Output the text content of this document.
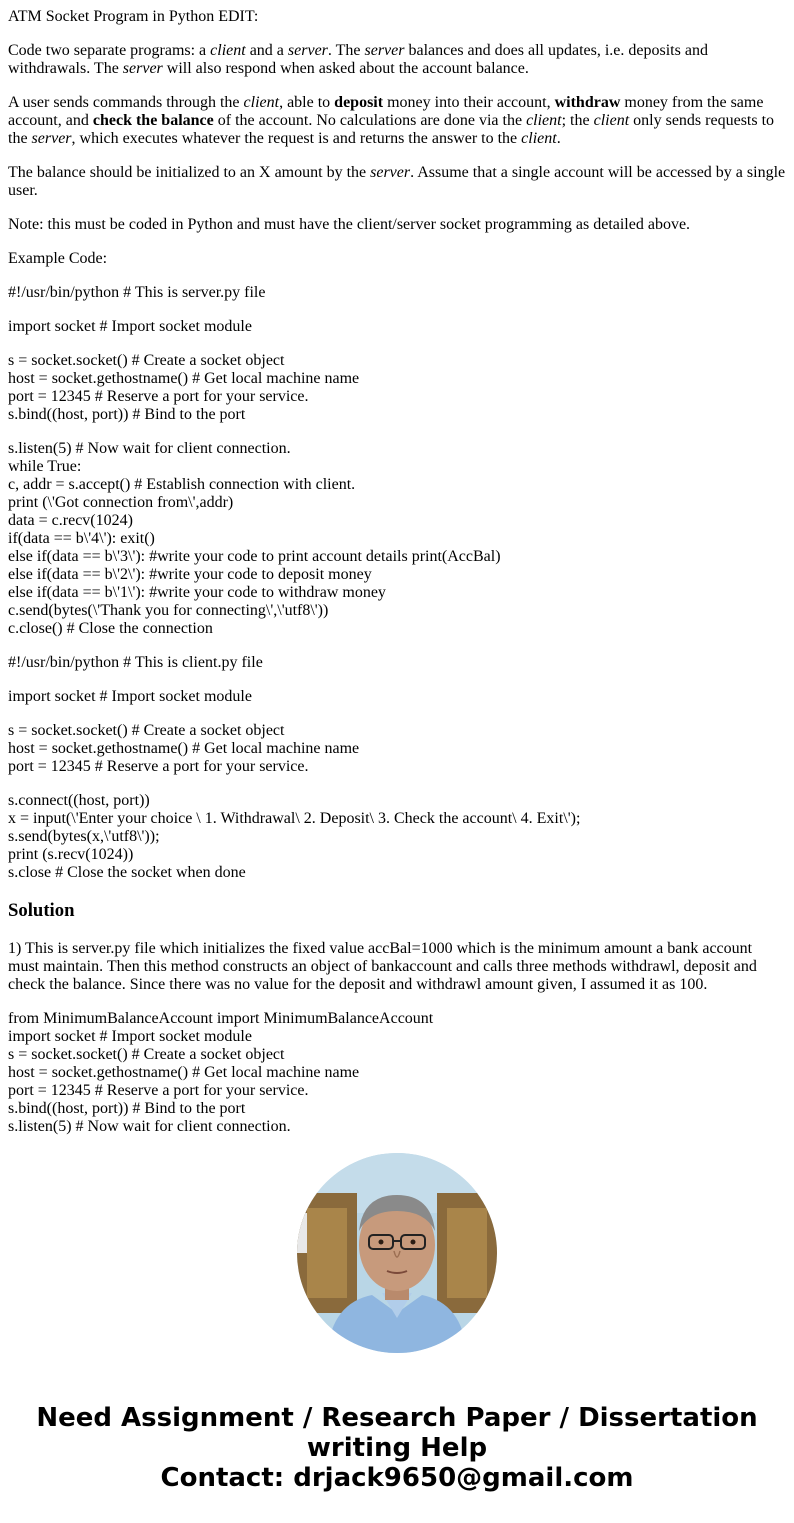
ATM Socket Program in Python EDIT:

Code two separate programs: a client and a server. The server balances and does all updates, i.e. deposits and withdrawals. The server will also respond when asked about the account balance.

A user sends commands through the client, able to deposit money into their account, withdraw money from the same account, and check the balance of the account. No calculations are done via the client; the client only sends requests to the server, which executes whatever the request is and returns the answer to the client.

The balance should be initialized to an X amount by the server. Assume that a single account will be accessed by a single user.

Note: this must be coded in Python and must have the client/server socket programming as detailed above.

Example Code:

#!/usr/bin/python # This is server.py file

import socket # Import socket module

s = socket.socket() # Create a socket object
host = socket.gethostname() # Get local machine name
port = 12345 # Reserve a port for your service.
s.bind((host, port)) # Bind to the port

s.listen(5) # Now wait for client connection.
while True:
c, addr = s.accept() # Establish connection with client.
print (\'Got connection from\',addr)
data = c.recv(1024)
if(data == b\'4\'): exit()
else if(data == b\'3\'): #write your code to print account details print(AccBal)
else if(data == b\'2\'): #write your code to deposit money
else if(data == b\'1\'): #write your code to withdraw money
c.send(bytes(\'Thank you for connecting\',\'utf8\'))
c.close() # Close the connection

#!/usr/bin/python # This is client.py file

import socket # Import socket module

s = socket.socket() # Create a socket object
host = socket.gethostname() # Get local machine name
port = 12345 # Reserve a port for your service.

s.connect((host, port))
x = input(\'Enter your choice \ 1. Withdrawal\ 2. Deposit\ 3. Check the account\ 4. Exit\');
s.send(bytes(x,\'utf8\'));
print (s.recv(1024))
s.close # Close the socket when done

Solution

1) This is server.py file which initializes the fixed value accBal=1000 which is the minimum amount a bank account must maintain. Then this method constructs an object of bankaccount and calls three methods withdrawl, deposit and check the balance. Since there was no value for the deposit and withdrawl amount given, I assumed it as 100.

from MinimumBalanceAccount import MinimumBalanceAccount
import socket # Import socket module
s = socket.socket() # Create a socket object
host = socket.gethostname() # Get local machine name
port = 12345 # Reserve a port for your service.
s.bind((host, port)) # Bind to the port
s.listen(5) # Now wait for client connection.

Need Assignment / Research Paper / Dissertation
writing Help
Contact: drjack9650@gmail.com
